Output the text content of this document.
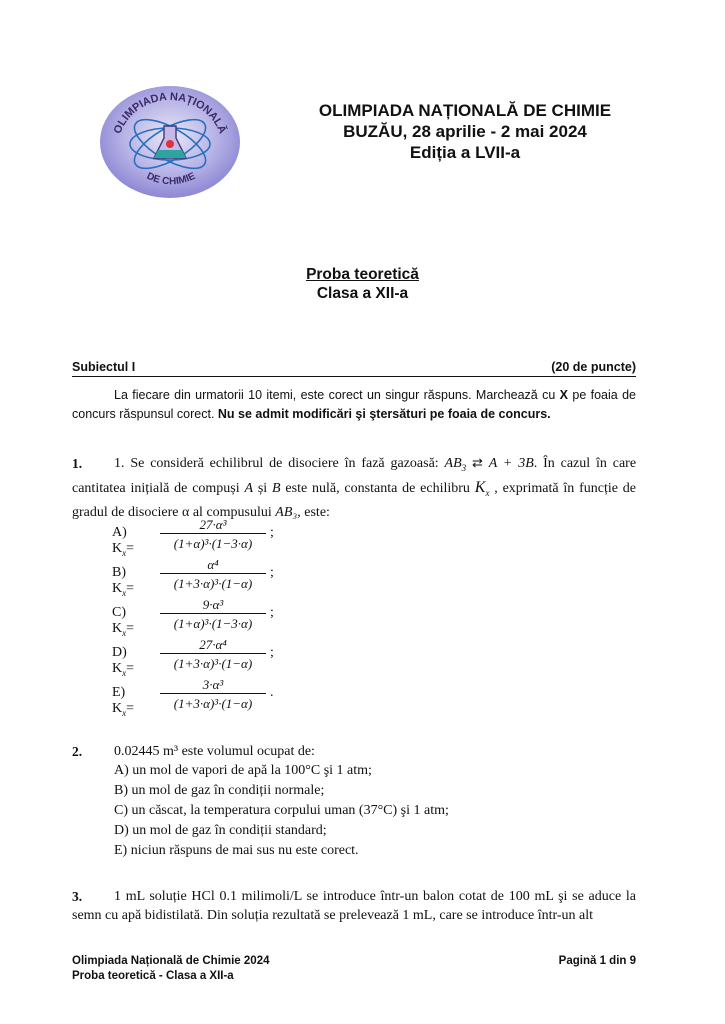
OLIMPIADA NAȚIONALĂ
DE CHIMIE
OLIMPIADA NAȚIONALĂ DE CHIMIE
BUZĂU, 28 aprilie - 2 mai 2024
Ediția a LVII-a
Proba teoretică
Clasa a XII-a
Subiectul I	(20 de puncte)
La fiecare din urmatorii 10 itemi, este corect un singur răspuns. Marchează cu X pe foaia de concurs răspunsul corect. Nu se admit modificări şi ştersături pe foaia de concurs.
1.	1. Se consideră echilibrul de disociere în fază gazoasă: $AB_3$ ⇄ A + 3B. În cazul în care cantitatea inițială de compuși A și B este nulă, constanta de echilibru $K_x$ , exprimată în funcție de gradul de disociere α al compusului AB₃, este:
A) $K_x= \frac{\text{27·α³}}{\text{(1+α)³·(1−3·α)}}$ ;
B) $K_x= \frac{\text{α⁴}}{\text{(1+3·α)³·(1−α)}}$ ;
C) $K_x= \frac{\text{9·α³}}{\text{(1+α)³·(1−3·α)}}$ ;
D) $K_x= \frac{\text{27·α⁴}}{\text{(1+3·α)³·(1−α)}}$ ;
E) $K_x= \frac{\text{3·α³}}{\text{(1+3·α)³·(1−α)}}$ .
2. 0.02445 m³ este volumul ocupat de:
A) un mol de vapori de apă la 100°C şi 1 atm;
B) un mol de gaz în condiții normale;
C) un căscat, la temperatura corpului uman (37°C) şi 1 atm;
D) un mol de gaz în condiții standard;
E) niciun răspuns de mai sus nu este corect.
3.	1 mL soluție HCl 0.1 milimoli/L se introduce într-un balon cotat de 100 mL şi se aduce la semn cu apă bidistilată. Din soluția rezultată se prelevează 1 mL, care se introduce într-un alt
Olimpiada Națională de Chimie 2024
Proba teoretică - Clasa a XII-a
Pagină 1 din 9
